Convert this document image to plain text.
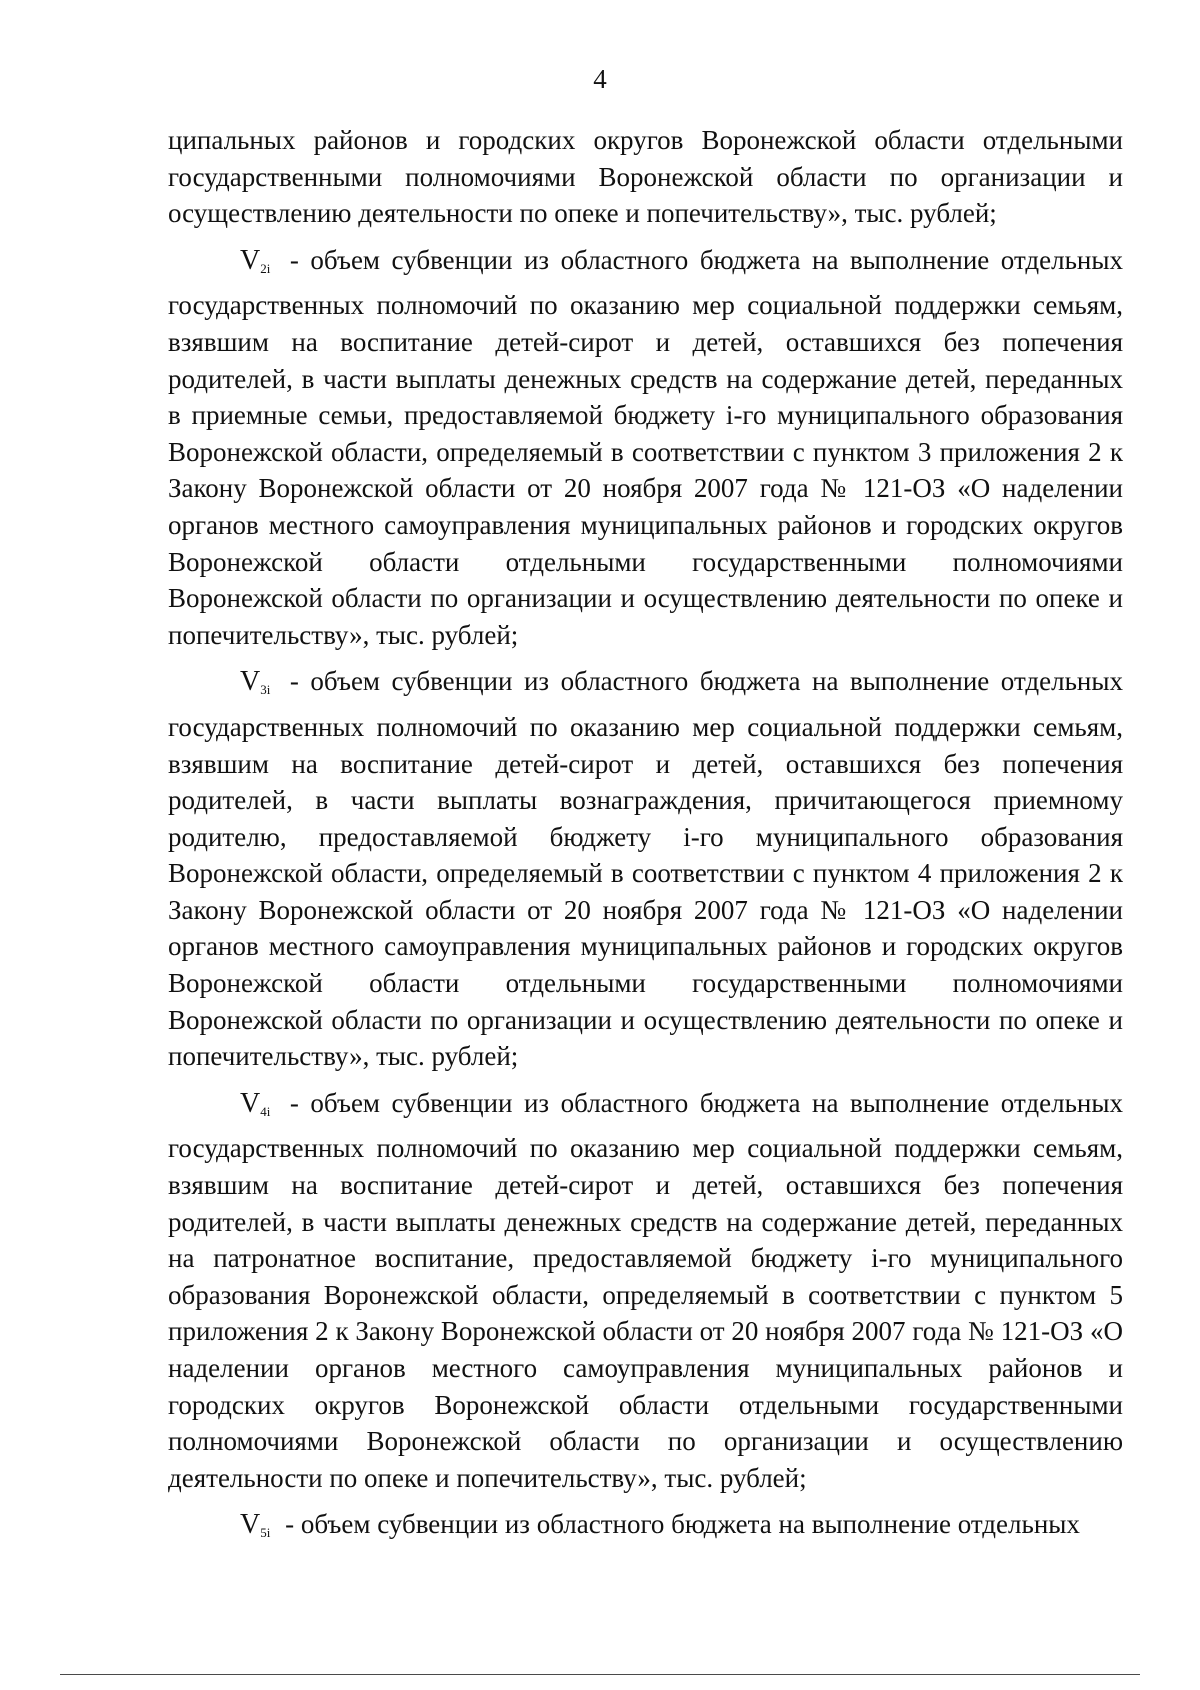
4

ципальных районов и городских округов Воронежской области отдельными государственными полномочиями Воронежской области по организации и осуществлению деятельности по опеке и попечительству», тыс. рублей;

V2i - объем субвенции из областного бюджета на выполнение отдельных государственных полномочий по оказанию мер социальной поддержки семьям, взявшим на воспитание детей-сирот и детей, оставшихся без попечения родителей, в части выплаты денежных средств на содержание детей, переданных в приемные семьи, предоставляемой бюджету i-го муниципального образования Воронежской области, определяемый в соответствии с пунктом 3 приложения 2 к Закону Воронежской области от 20 ноября 2007 года № 121-ОЗ «О наделении органов местного самоуправления муниципальных районов и городских округов Воронежской области отдельными государственными полномочиями Воронежской области по организации и осуществлению деятельности по опеке и попечительству», тыс. рублей;

V3i - объем субвенции из областного бюджета на выполнение отдельных государственных полномочий по оказанию мер социальной поддержки семьям, взявшим на воспитание детей-сирот и детей, оставшихся без попечения родителей, в части выплаты вознаграждения, причитающегося приемному родителю, предоставляемой бюджету i-го муниципального образования Воронежской области, определяемый в соответствии с пунктом 4 приложения 2 к Закону Воронежской области от 20 ноября 2007 года № 121-ОЗ «О наделении органов местного самоуправления муниципальных районов и городских округов Воронежской области отдельными государственными полномочиями Воронежской области по организации и осуществлению деятельности по опеке и попечительству», тыс. рублей;

V4i - объем субвенции из областного бюджета на выполнение отдельных государственных полномочий по оказанию мер социальной поддержки семьям, взявшим на воспитание детей-сирот и детей, оставшихся без попечения родителей, в части выплаты денежных средств на содержание детей, переданных на патронатное воспитание, предоставляемой бюджету i-го муниципального образования Воронежской области, определяемый в соответствии с пунктом 5 приложения 2 к Закону Воронежской области от 20 ноября 2007 года № 121-ОЗ «О наделении органов местного самоуправления муниципальных районов и городских округов Воронежской области отдельными государственными полномочиями Воронежской области по организации и осуществлению деятельности по опеке и попечительству», тыс. рублей;

V5i - объем субвенции из областного бюджета на выполнение отдельных
